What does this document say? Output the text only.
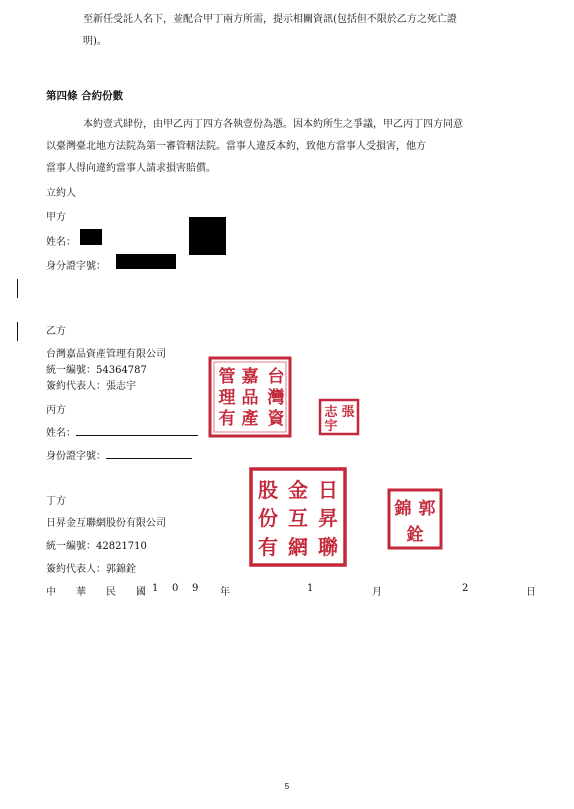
至新任受託人名下，並配合甲丁兩方所需，提示相關資訊(包括但不限於乙方之死亡證
明)。
第四條 合約份數
本約壹式肆份，由甲乙丙丁四方各執壹份為憑。因本約所生之爭議，甲乙丙丁四方同意
以臺灣臺北地方法院為第一審管轄法院。當事人違反本約，致他方當事人受損害，他方
當事人得向違約當事人請求損害賠償。
立約人
甲方
姓名：
身分證字號：
乙方
台灣嘉品資產管理有限公司
統一編號：54364787
簽約代表人：張志宇	台
灣
嘉
品
資
產
管
理
有	張
志
宇
丙方
姓名：
身份證字號：
丁方
日昇金互聯網股份有限公司
統一編號：42821710
簽約代表人：郭錦銓
日
昇
金
互
聯
網
股
份
有
郭
錦
銓
中 華 民 國 1 0 9 年	1	月	2	日
5
